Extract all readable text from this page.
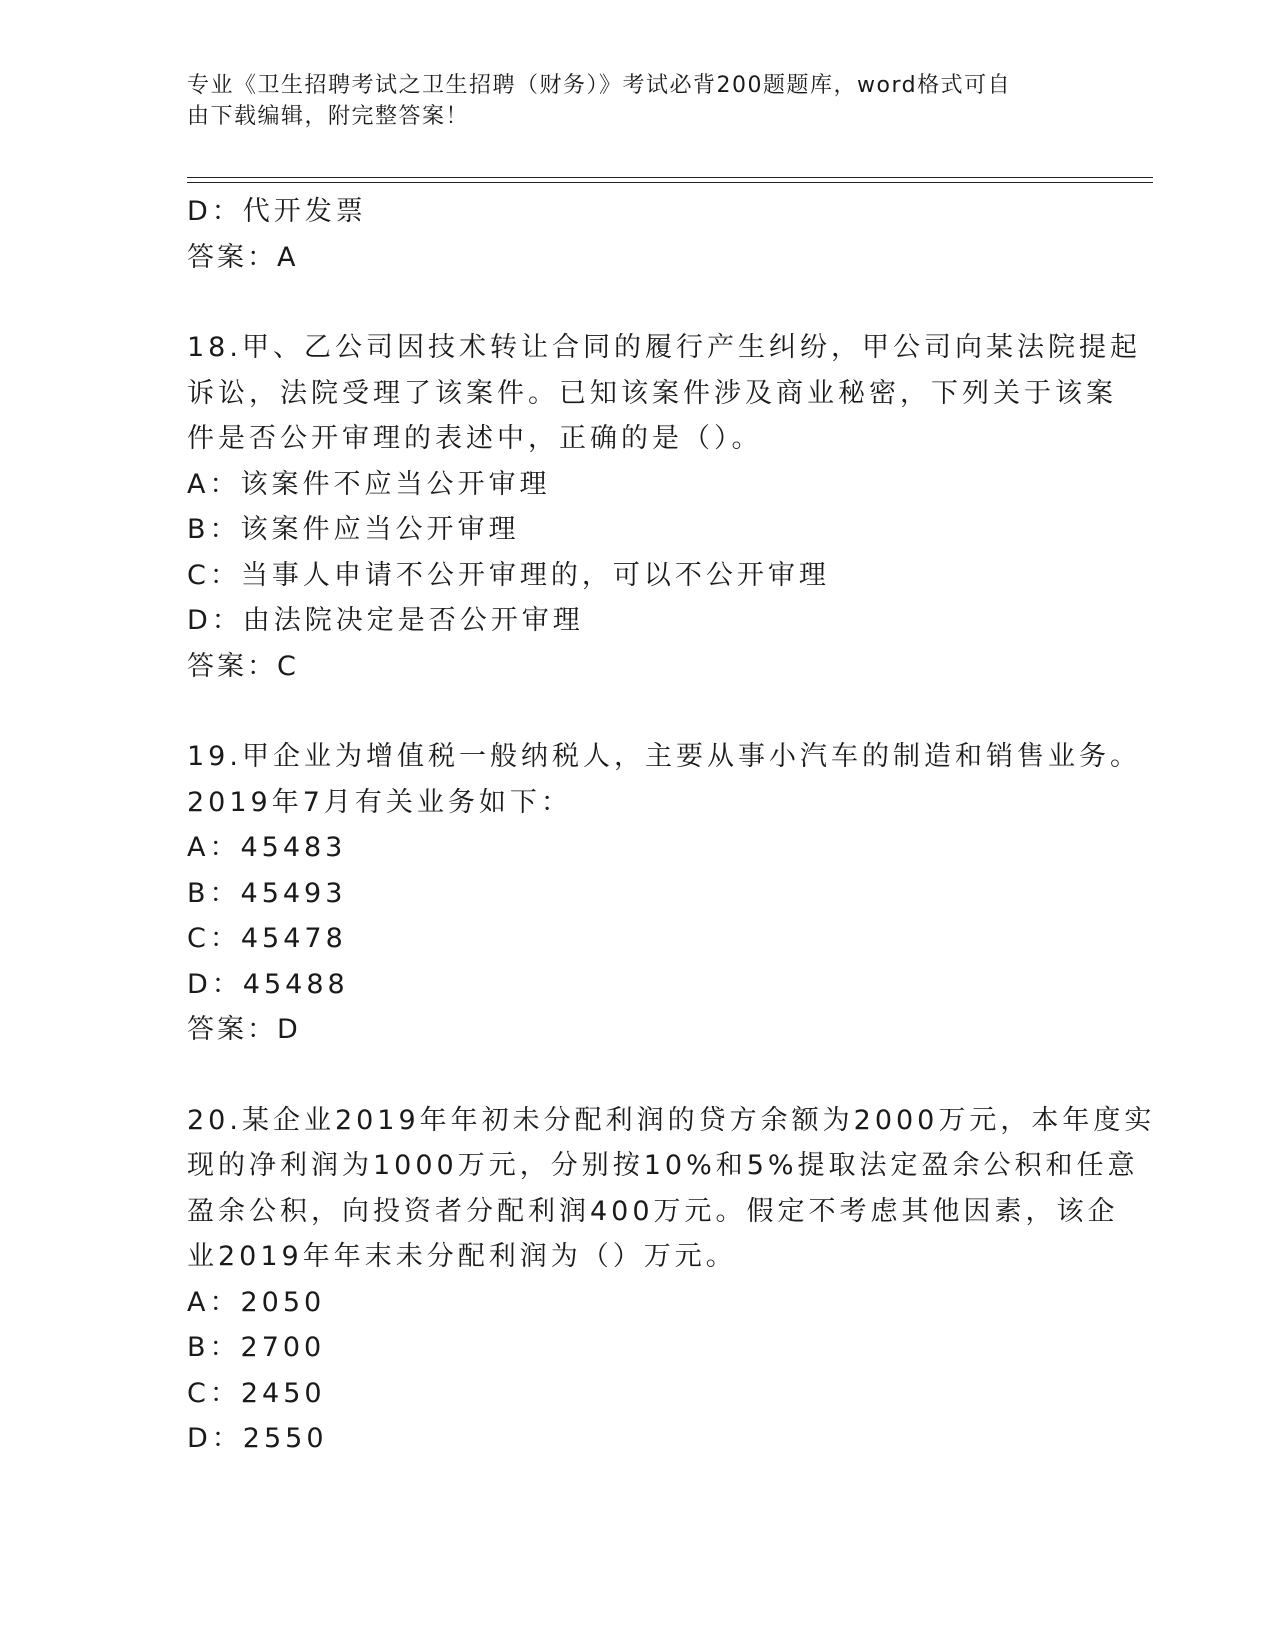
专业《卫生招聘考试之卫生招聘（财务）》考试必背200题题库，word格式可自
由下载编辑，附完整答案！
D：代开发票
答案：A
18.甲、乙公司因技术转让合同的履行产生纠纷，甲公司向某法院提起
诉讼，法院受理了该案件。已知该案件涉及商业秘密，下列关于该案
件是否公开审理的表述中，正确的是（）。
A：该案件不应当公开审理
B：该案件应当公开审理
C：当事人申请不公开审理的，可以不公开审理
D：由法院决定是否公开审理
答案：C
19.甲企业为增值税一般纳税人，主要从事小汽车的制造和销售业务。
2019年7月有关业务如下：
A：45483
B：45493
C：45478
D：45488
答案：D
20.某企业2019年年初未分配利润的贷方余额为2000万元，本年度实
现的净利润为1000万元，分别按10%和5%提取法定盈余公积和任意
盈余公积，向投资者分配利润400万元。假定不考虑其他因素，该企
业2019年年末未分配利润为（）万元。
A：2050
B：2700
C：2450
D：2550
